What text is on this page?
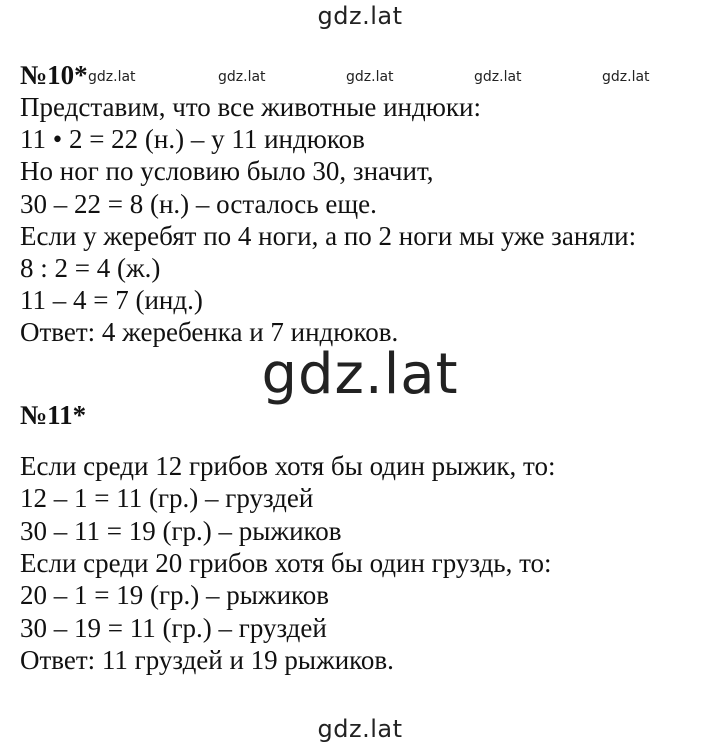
gdz.lat
gdz.lat	gdz.lat	gdz.lat	gdz.lat	gdz.lat
gdz.lat
gdz.lat
№10*
Представим, что все животные индюки:
11 • 2 = 22 (н.) – у 11 индюков
Но ног по условию было 30, значит,
30 – 22 = 8 (н.) – осталось еще.
Если у жеребят по 4 ноги, а по 2 ноги мы уже заняли:
8 : 2 = 4 (ж.)
11 – 4 = 7 (инд.)
Ответ: 4 жеребенка и 7 индюков.
№11*
Если среди 12 грибов хотя бы один рыжик, то:
12 – 1 = 11 (гр.) – груздей
30 – 11 = 19 (гр.) – рыжиков
Если среди 20 грибов хотя бы один груздь, то:
20 – 1 = 19 (гр.) – рыжиков
30 – 19 = 11 (гр.) – груздей
Ответ: 11 груздей и 19 рыжиков.
